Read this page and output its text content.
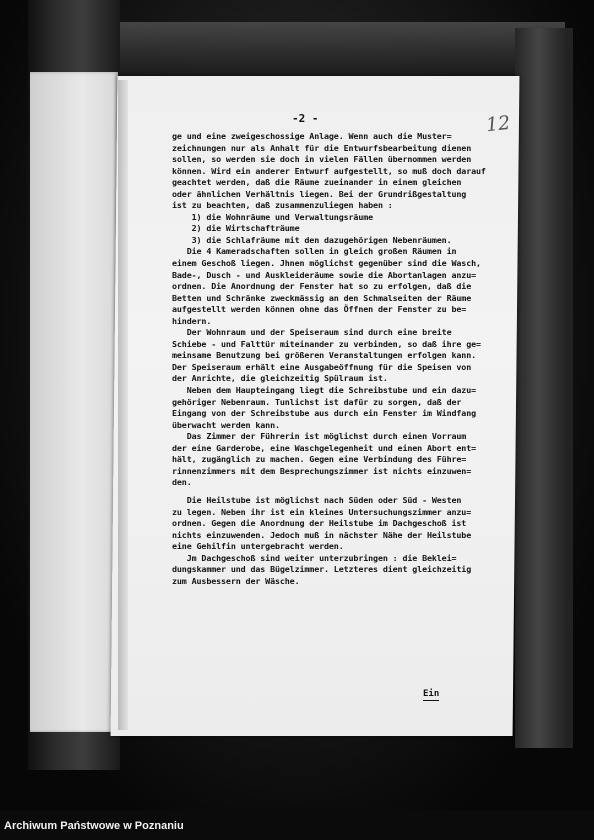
-2 -	12
ge und eine zweigeschossige Anlage. Wenn auch die Muster=
zeichnungen nur als Anhalt für die Entwurfsbearbeitung dienen
sollen, so werden sie doch in vielen Fällen übernommen werden
können. Wird ein anderer Entwurf aufgestellt, so muß doch darauf
geachtet werden, daß die Räume zueinander in einem gleichen
oder ähnlichen Verhältnis liegen. Bei der Grundrißgestaltung
ist zu beachten, daß zusammenzuliegen haben :
1) die Wohnräume und Verwaltungsräume
2) die Wirtschafträume
3) die Schlafräume mit den dazugehörigen Nebenräumen.
Die 4 Kameradschaften sollen in gleich großen Räumen in
einem Geschoß liegen. Jhnen möglichst gegenüber sind die Wasch,
Bade-, Dusch - und Auskleideräume sowie die Abortanlagen anzu=
ordnen. Die Anordnung der Fenster hat so zu erfolgen, daß die
Betten und Schränke zweckmässig an den Schmalseiten der Räume
aufgestellt werden können ohne das Öffnen der Fenster zu be=
hindern.
Der Wohnraum und der Speiseraum sind durch eine breite
Schiebe - und Falttür miteinander zu verbinden, so daß ihre ge=
meinsame Benutzung bei größeren Veranstaltungen erfolgen kann.
Der Speiseraum erhält eine Ausgabeöffnung für die Speisen von
der Anrichte, die gleichzeitig Spülraum ist.
Neben dem Haupteingang liegt die Schreibstube und ein dazu=
gehöriger Nebenraum. Tunlichst ist dafür zu sorgen, daß der
Eingang von der Schreibstube aus durch ein Fenster im Windfang
überwacht werden kann.
Das Zimmer der Führerin ist möglichst durch einen Vorraum
der eine Garderobe, eine Waschgelegenheit und einen Abort ent=
hält, zugänglich zu machen. Gegen eine Verbindung des Führe=
rinnenzimmers mit dem Besprechungszimmer ist nichts einzuwen=
den.
Die Heilstube ist möglichst nach Süden oder Süd - Westen
zu legen. Neben ihr ist ein kleines Untersuchungszimmer anzu=
ordnen. Gegen die Anordnung der Heilstube im Dachgeschoß ist
nichts einzuwenden. Jedoch muß in nächster Nähe der Heilstube
eine Gehilfin untergebracht werden.
Jm Dachgeschoß sind weiter unterzubringen : die Beklei=
dungskammer und das Bügelzimmer. Letzteres dient gleichzeitig
zum Ausbessern der Wäsche.
Ein
Archiwum Państwowe w Poznaniu
